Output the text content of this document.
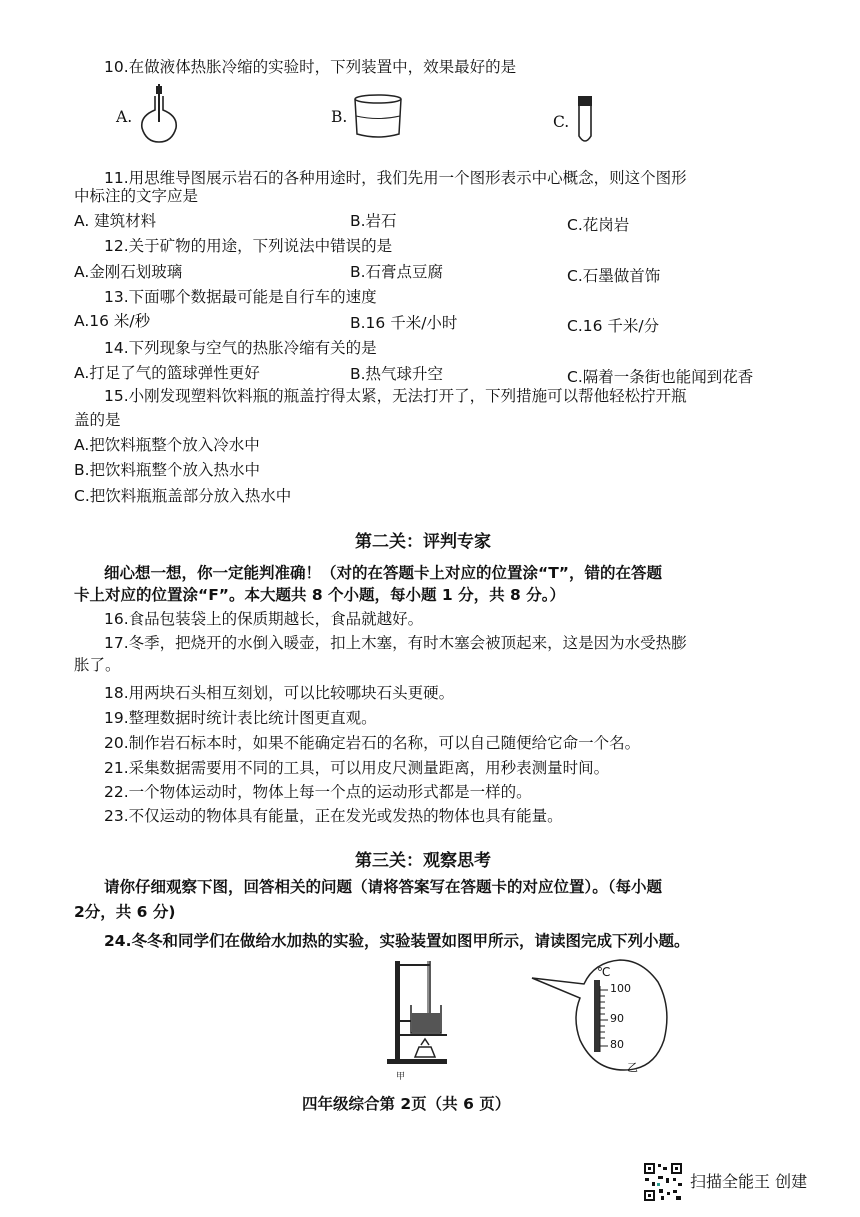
10.在做液体热胀冷缩的实验时，下列装置中，效果最好的是
A.	B.	C.
11.用思维导图展示岩石的各种用途时，我们先用一个图形表示中心概念，则这个图形
中标注的文字应是
A. 建筑材料	B.岩石	C.花岗岩
12.关于矿物的用途，下列说法中错误的是
A.金刚石划玻璃	B.石膏点豆腐	C.石墨做首饰
13.下面哪个数据最可能是自行车的速度
A.16 米/秒	B.16 千米/小时	C.16 千米/分
14.下列现象与空气的热胀冷缩有关的是
A.打足了气的篮球弹性更好	B.热气球升空	C.隔着一条街也能闻到花香
15.小刚发现塑料饮料瓶的瓶盖拧得太紧，无法打开了，下列措施可以帮他轻松拧开瓶
盖的是
A.把饮料瓶整个放入冷水中
B.把饮料瓶整个放入热水中
C.把饮料瓶瓶盖部分放入热水中
第二关：评判专家
细心想一想，你一定能判准确！（对的在答题卡上对应的位置涂“T”，错的在答题
卡上对应的位置涂“F”。本大题共 8 个小题，每小题 1 分，共 8 分。）
16.食品包装袋上的保质期越长，食品就越好。
17.冬季，把烧开的水倒入暖壶，扣上木塞，有时木塞会被顶起来，这是因为水受热膨
胀了。
18.用两块石头相互刻划，可以比较哪块石头更硬。
19.整理数据时统计表比统计图更直观。
20.制作岩石标本时，如果不能确定岩石的名称，可以自己随便给它命一个名。
21.采集数据需要用不同的工具，可以用皮尺测量距离，用秒表测量时间。
22.一个物体运动时，物体上每一个点的运动形式都是一样的。
23.不仅运动的物体具有能量，正在发光或发热的物体也具有能量。
第三关：观察思考
请你仔细观察下图，回答相关的问题（请将答案写在答题卡的对应位置）。（每小题
2分，共 6 分)
24.冬冬和同学们在做给水加热的实验，实验装置如图甲所示，请读图完成下列小题。
甲
℃
100
90
80
乙
四年级综合第 2页（共 6 页）
扫描全能王 创建
